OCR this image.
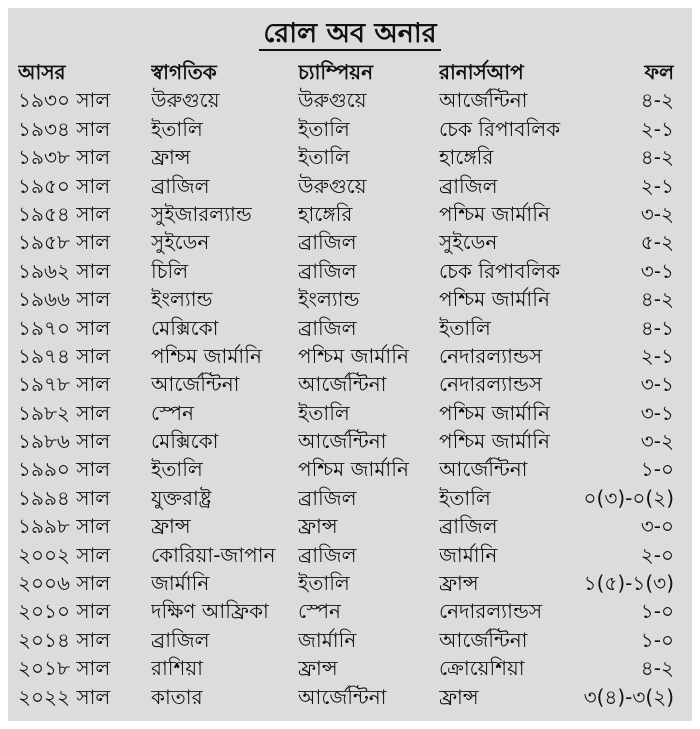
রোল অব অনার
আসর	স্বাগতিক	চ্যাম্পিয়ন	রানার্সআপ	ফল
১৯৩০ সাল	উরুগুয়ে	উরুগুয়ে	আর্জেন্টিনা	৪-২
১৯৩৪ সাল	ইতালি	ইতালি	চেক রিপাবলিক	২-১
১৯৩৮ সাল	ফ্রান্স	ইতালি	হাঙ্গেরি	৪-২
১৯৫০ সাল	ব্রাজিল	উরুগুয়ে	ব্রাজিল	২-১
১৯৫৪ সাল	সুইজারল্যান্ড	হাঙ্গেরি	পশ্চিম জার্মানি	৩-২
১৯৫৮ সাল	সুইডেন	ব্রাজিল	সুইডেন	৫-২
১৯৬২ সাল	চিলি	ব্রাজিল	চেক রিপাবলিক	৩-১
১৯৬৬ সাল	ইংল্যান্ড	ইংল্যান্ড	পশ্চিম জার্মানি	৪-২
১৯৭০ সাল	মেক্সিকো	ব্রাজিল	ইতালি	৪-১
১৯৭৪ সাল	পশ্চিম জার্মানি	পশ্চিম জার্মানি	নেদারল্যান্ডস	২-১
১৯৭৮ সাল	আর্জেন্টিনা	আর্জেন্টিনা	নেদারল্যান্ডস	৩-১
১৯৮২ সাল	স্পেন	ইতালি	পশ্চিম জার্মানি	৩-১
১৯৮৬ সাল	মেক্সিকো	আর্জেন্টিনা	পশ্চিম জার্মানি	৩-২
১৯৯০ সাল	ইতালি	পশ্চিম জার্মানি	আর্জেন্টিনা	১-০
১৯৯৪ সাল	যুক্তরাষ্ট্র	ব্রাজিল	ইতালি	০(৩)-০(২)
১৯৯৮ সাল	ফ্রান্স	ফ্রান্স	ব্রাজিল	৩-০
২০০২ সাল	কোরিয়া-জাপান	ব্রাজিল	জার্মানি	২-০
২০০৬ সাল	জার্মানি	ইতালি	ফ্রান্স	১(৫)-১(৩)
২০১০ সাল	দক্ষিণ আফ্রিকা	স্পেন	নেদারল্যান্ডস	১-০
২০১৪ সাল	ব্রাজিল	জার্মানি	আর্জেন্টিনা	১-০
২০১৮ সাল	রাশিয়া	ফ্রান্স	ক্রোয়েশিয়া	৪-২
২০২২ সাল	কাতার	আর্জেন্টিনা	ফ্রান্স	৩(৪)-৩(২)
